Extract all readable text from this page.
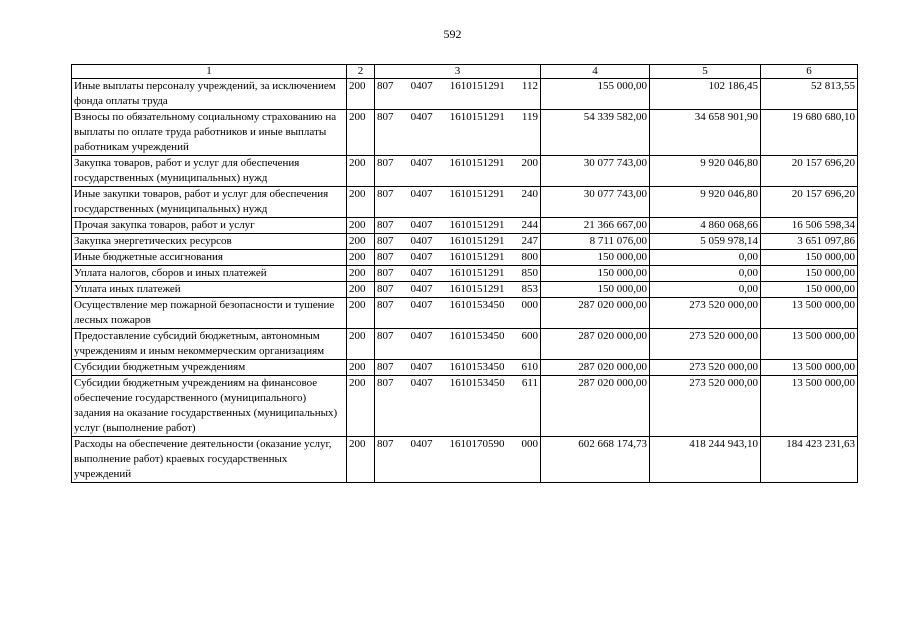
592
1	2	3	4	5	6
Иные выплаты персоналу учреждений, за исключением фонда оплаты труда	200	807 0407 1610151291 112	155 000,00	102 186,45	52 813,55
Взносы по обязательному социальному страхованию на выплаты по оплате труда работников и иные выплаты работникам учреждений	200	807 0407 1610151291 119	54 339 582,00	34 658 901,90	19 680 680,10
Закупка товаров, работ и услуг для обеспечения государственных (муниципальных) нужд	200	807 0407 1610151291 200	30 077 743,00	9 920 046,80	20 157 696,20
Иные закупки товаров, работ и услуг для обеспечения государственных (муниципальных) нужд	200	807 0407 1610151291 240	30 077 743,00	9 920 046,80	20 157 696,20
Прочая закупка товаров, работ и услуг	200	807 0407 1610151291 244	21 366 667,00	4 860 068,66	16 506 598,34
Закупка энергетических ресурсов	200	807 0407 1610151291 247	8 711 076,00	5 059 978,14	3 651 097,86
Иные бюджетные ассигнования	200	807 0407 1610151291 800	150 000,00	0,00	150 000,00
Уплата налогов, сборов и иных платежей	200	807 0407 1610151291 850	150 000,00	0,00	150 000,00
Уплата иных платежей	200	807 0407 1610151291 853	150 000,00	0,00	150 000,00
Осуществление мер пожарной безопасности и тушение лесных пожаров	200	807 0407 1610153450 000	287 020 000,00	273 520 000,00	13 500 000,00
Предоставление субсидий бюджетным, автономным учреждениям и иным некоммерческим организациям	200	807 0407 1610153450 600	287 020 000,00	273 520 000,00	13 500 000,00
Субсидии бюджетным учреждениям	200	807 0407 1610153450 610	287 020 000,00	273 520 000,00	13 500 000,00
Субсидии бюджетным учреждениям на финансовое обеспечение государственного (муниципального) задания на оказание государственных (муниципальных) услуг (выполнение работ)	200	807 0407 1610153450 611	287 020 000,00	273 520 000,00	13 500 000,00
Расходы на обеспечение деятельности (оказание услуг, выполнение работ) краевых государственных учреждений	200	807 0407 1610170590 000	602 668 174,73	418 244 943,10	184 423 231,63
